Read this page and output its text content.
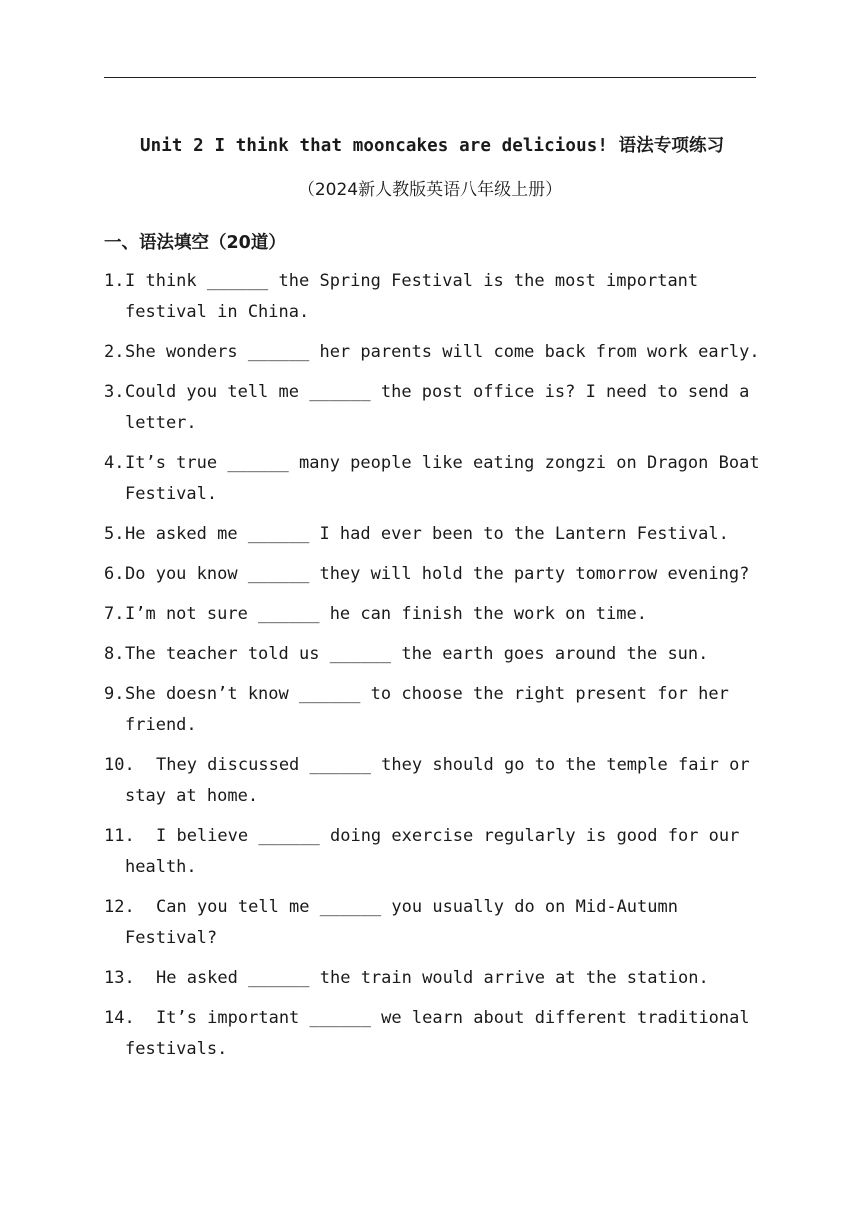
Unit 2 I think that mooncakes are delicious! 语法专项练习
（2024新人教版英语八年级上册）
一、语法填空（20道）
1. I think ______ the Spring Festival is the most important festival in China.
2. She wonders ______ her parents will come back from work early.
3. Could you tell me ______ the post office is? I need to send a letter.
4. It’s true ______ many people like eating zongzi on Dragon Boat Festival.
5. He asked me ______ I had ever been to the Lantern Festival.
6. Do you know ______ they will hold the party tomorrow evening?
7. I’m not sure ______ he can finish the work on time.
8. The teacher told us ______ the earth goes around the sun.
9. She doesn’t know ______ to choose the right present for her friend.
10. They discussed ______ they should go to the temple fair or stay at home.
11. I believe ______ doing exercise regularly is good for our health.
12. Can you tell me ______ you usually do on Mid-Autumn Festival?
13. He asked ______ the train would arrive at the station.
14. It’s important ______ we learn about different traditional festivals.
